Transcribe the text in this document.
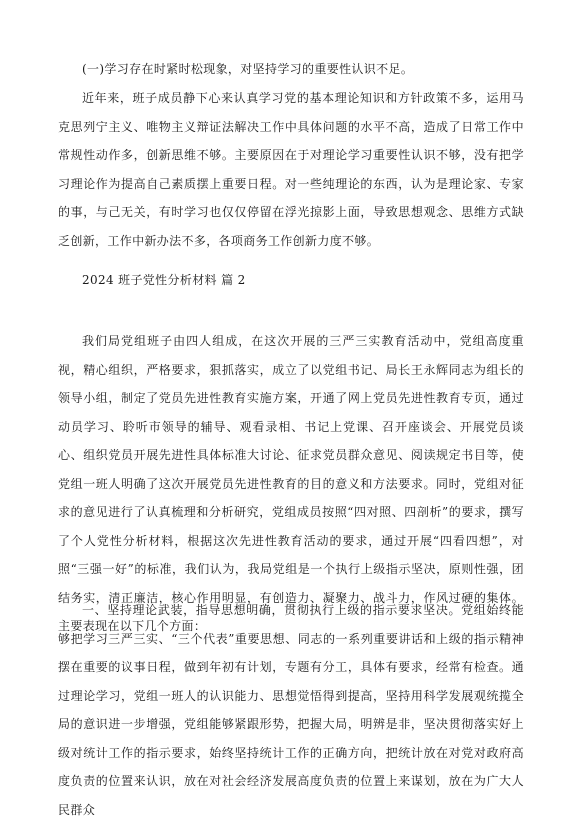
(一)学习存在时紧时松现象，对坚持学习的重要性认识不足。

近年来，班子成员静下心来认真学习党的基本理论知识和方针政策不多，运用马克思列宁主义、唯物主义辩证法解决工作中具体问题的水平不高，造成了日常工作中常规性动作多，创新思维不够。主要原因在于对理论学习重要性认识不够，没有把学习理论作为提高自己素质摆上重要日程。对一些纯理论的东西，认为是理论家、专家的事，与己无关，有时学习也仅仅停留在浮光掠影上面，导致思想观念、思维方式缺乏创新，工作中新办法不多，各项商务工作创新力度不够。

2024 班子党性分析材料 篇 2

我们局党组班子由四人组成，在这次开展的三严三实教育活动中，党组高度重视，精心组织，严格要求，狠抓落实，成立了以党组书记、局长王永辉同志为组长的领导小组，制定了党员先进性教育实施方案，开通了网上党员先进性教育专页，通过动员学习、聆听市领导的辅导、观看录相、书记上党课、召开座谈会、开展党员谈心、组织党员开展先进性具体标准大讨论、征求党员群众意见、阅读规定书目等，使党组一班人明确了这次开展党员先进性教育的目的意义和方法要求。同时，党组对征求的意见进行了认真梳理和分析研究，党组成员按照“四对照、四剖析”的要求，撰写了个人党性分析材料，根据这次先进性教育活动的要求，通过开展“四看四想”，对照“三强一好”的标准，我们认为，我局党组是一个执行上级指示坚决，原则性强，团结务实，清正廉洁，核心作用明显，有创造力、凝聚力、战斗力，作风过硬的集体。主要表现在以下几个方面：

一、坚持理论武装，指导思想明确，贯彻执行上级的指示要求坚决。党组始终能够把学习三严三实、“三个代表”重要思想、同志的一系列重要讲话和上级的指示精神摆在重要的议事日程，做到年初有计划，专题有分工，具体有要求，经常有检查。通过理论学习，党组一班人的认识能力、思想觉悟得到提高，坚持用科学发展观统揽全局的意识进一步增强，党组能够紧跟形势，把握大局，明辨是非，坚决贯彻落实好上级对统计工作的指示要求，始终坚持统计工作的正确方向，把统计放在对党对政府高度负责的位置来认识，放在对社会经济发展高度负责的位置上来谋划，放在为广大人民群众
